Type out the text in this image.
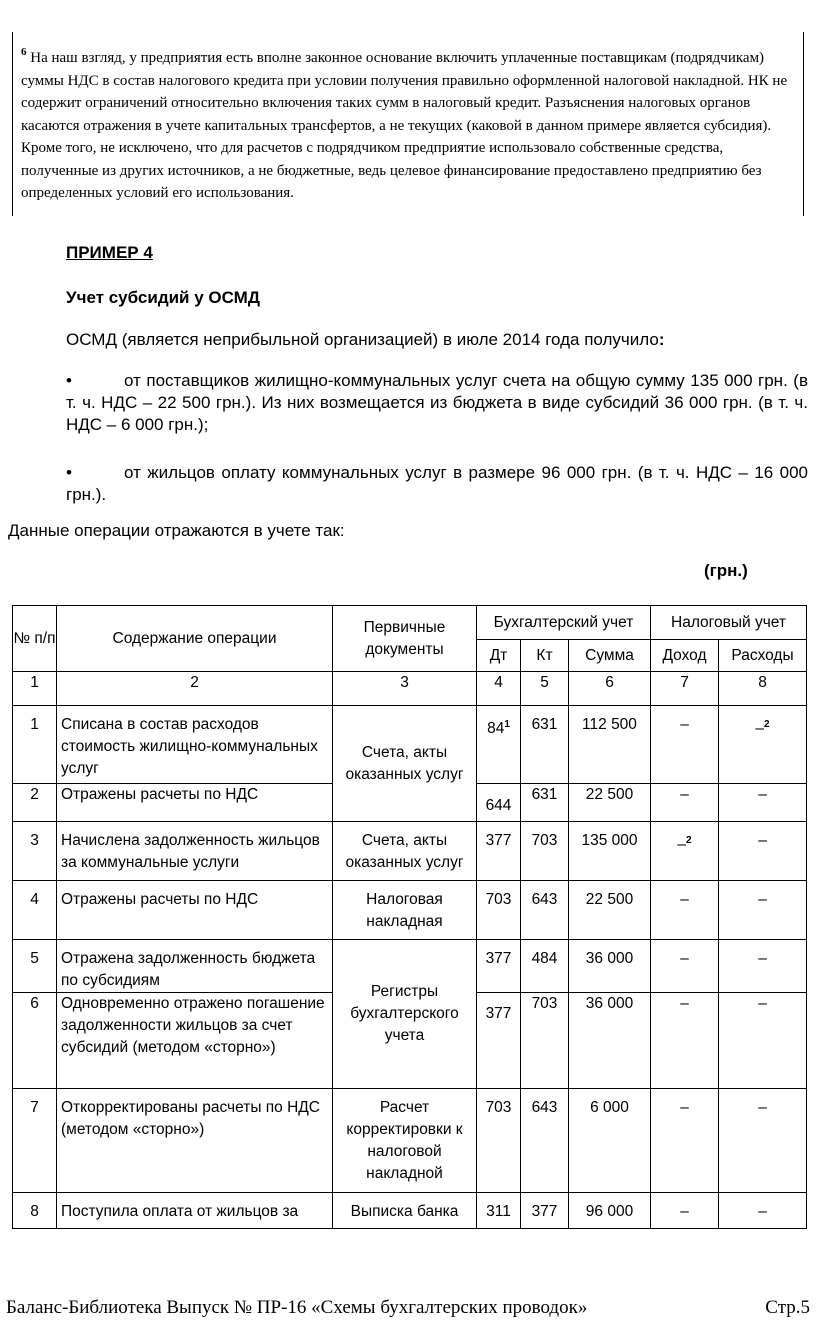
$^6$ На наш взгляд, у предприятия есть вполне законное основание включить уплаченные поставщикам (подрядчикам) суммы НДС в состав налогового кредита при условии получения правильно оформленной налоговой накладной. НК не содержит ограничений относительно включения таких сумм в налоговый кредит. Разъяснения налоговых органов касаются отражения в учете капитальных трансфертов, а не текущих (каковой в данном примере является субсидия).

Кроме того, не исключено, что для расчетов с подрядчиком предприятие использовало собственные средства, полученные из других источников, а не бюджетные, ведь целевое финансирование предоставлено предприятию без определенных условий его использования.

ПРИМЕР 4

Учет субсидий у ОСМД

ОСМД (является неприбыльной организацией) в июле 2014 года получило:

•	от поставщиков жилищно-коммунальных услуг счета на общую сумму 135 000 грн. (в т. ч. НДС – 22 500 грн.). Из них возмещается из бюджета в виде субсидий 36 000 грн. (в т. ч. НДС – 6 000 грн.);
•	от жильцов оплату коммунальных услуг в размере 96 000 грн. (в т. ч. НДС – 16 000 грн.).

Данные операции отражаются в учете так:

(грн.)

№ п/п	Содержание операции	Первичные документы	Бухгалтерский учет			Налоговый учет	
			Дт	Кт	Сумма	Доход	Расходы
1	2	3	4	5	6	7	8
1	Списана в состав расходов стоимость жилищно-коммунальных услуг	Счета, акты оказанных услуг	$84^1$	631	112 500	–	–$^2$
2	Отражены расчеты по НДС		644	631	22 500	–	–
3	Начислена задолженность жильцов за коммунальные услуги	Счета, акты оказанных услуг	377	703	135 000	–$^2$	–
4	Отражены расчеты по НДС	Налоговая накладная	703	643	22 500	–	–
5	Отражена задолженность бюджета по субсидиям	Регистры бухгалтерского учета	377	484	36 000	–	–
6	Одновременно отражено погашение задолженности жильцов за счет субсидий (методом «сторно»)		377	703	36 000	–	–
7	Откорректированы расчеты по НДС (методом «сторно»)	Расчет корректировки к налоговой накладной	703	643	6 000	–	–
8	Поступила оплата от жильцов за	Выписка банка	311	377	96 000	–	–
Баланс-Библиотека Выпуск № ПР-16 «Схемы бухгалтерских проводок»	Стр.5
